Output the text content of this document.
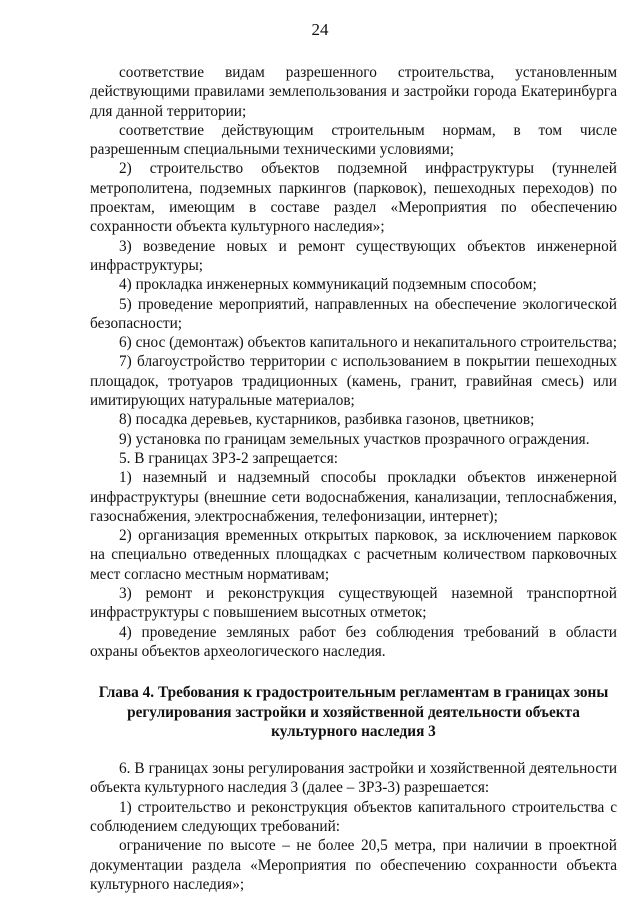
24

соответствие видам разрешенного строительства, установленным действующими правилами землепользования и застройки города Екатеринбурга для данной территории;

соответствие действующим строительным нормам, в том числе разрешенным специальными техническими условиями;

2) строительство объектов подземной инфраструктуры (туннелей метрополитена, подземных паркингов (парковок), пешеходных переходов) по проектам, имеющим в составе раздел «Мероприятия по обеспечению сохранности объекта культурного наследия»;

3) возведение новых и ремонт существующих объектов инженерной инфраструктуры;

4) прокладка инженерных коммуникаций подземным способом;

5) проведение мероприятий, направленных на обеспечение экологической безопасности;

6) снос (демонтаж) объектов капитального и некапитального строительства;

7) благоустройство территории с использованием в покрытии пешеходных площадок, тротуаров традиционных (камень, гранит, гравийная смесь) или имитирующих натуральные материалов;

8) посадка деревьев, кустарников, разбивка газонов, цветников;

9) установка по границам земельных участков прозрачного ограждения.

5. В границах ЗРЗ-2 запрещается:

1) наземный и надземный способы прокладки объектов инженерной инфраструктуры (внешние сети водоснабжения, канализации, теплоснабжения, газоснабжения, электроснабжения, телефонизации, интернет);

2) организация временных открытых парковок, за исключением парковок на специально отведенных площадках с расчетным количеством парковочных мест согласно местным нормативам;

3) ремонт и реконструкция существующей наземной транспортной инфраструктуры с повышением высотных отметок;

4) проведение земляных работ без соблюдения требований в области охраны объектов археологического наследия.

Глава 4. Требования к градостроительным регламентам в границах зоны регулирования застройки и хозяйственной деятельности объекта культурного наследия 3

6. В границах зоны регулирования застройки и хозяйственной деятельности объекта культурного наследия 3 (далее – ЗРЗ-3) разрешается:

1) строительство и реконструкция объектов капитального строительства с соблюдением следующих требований:

ограничение по высоте – не более 20,5 метра, при наличии в проектной документации раздела «Мероприятия по обеспечению сохранности объекта культурного наследия»;
